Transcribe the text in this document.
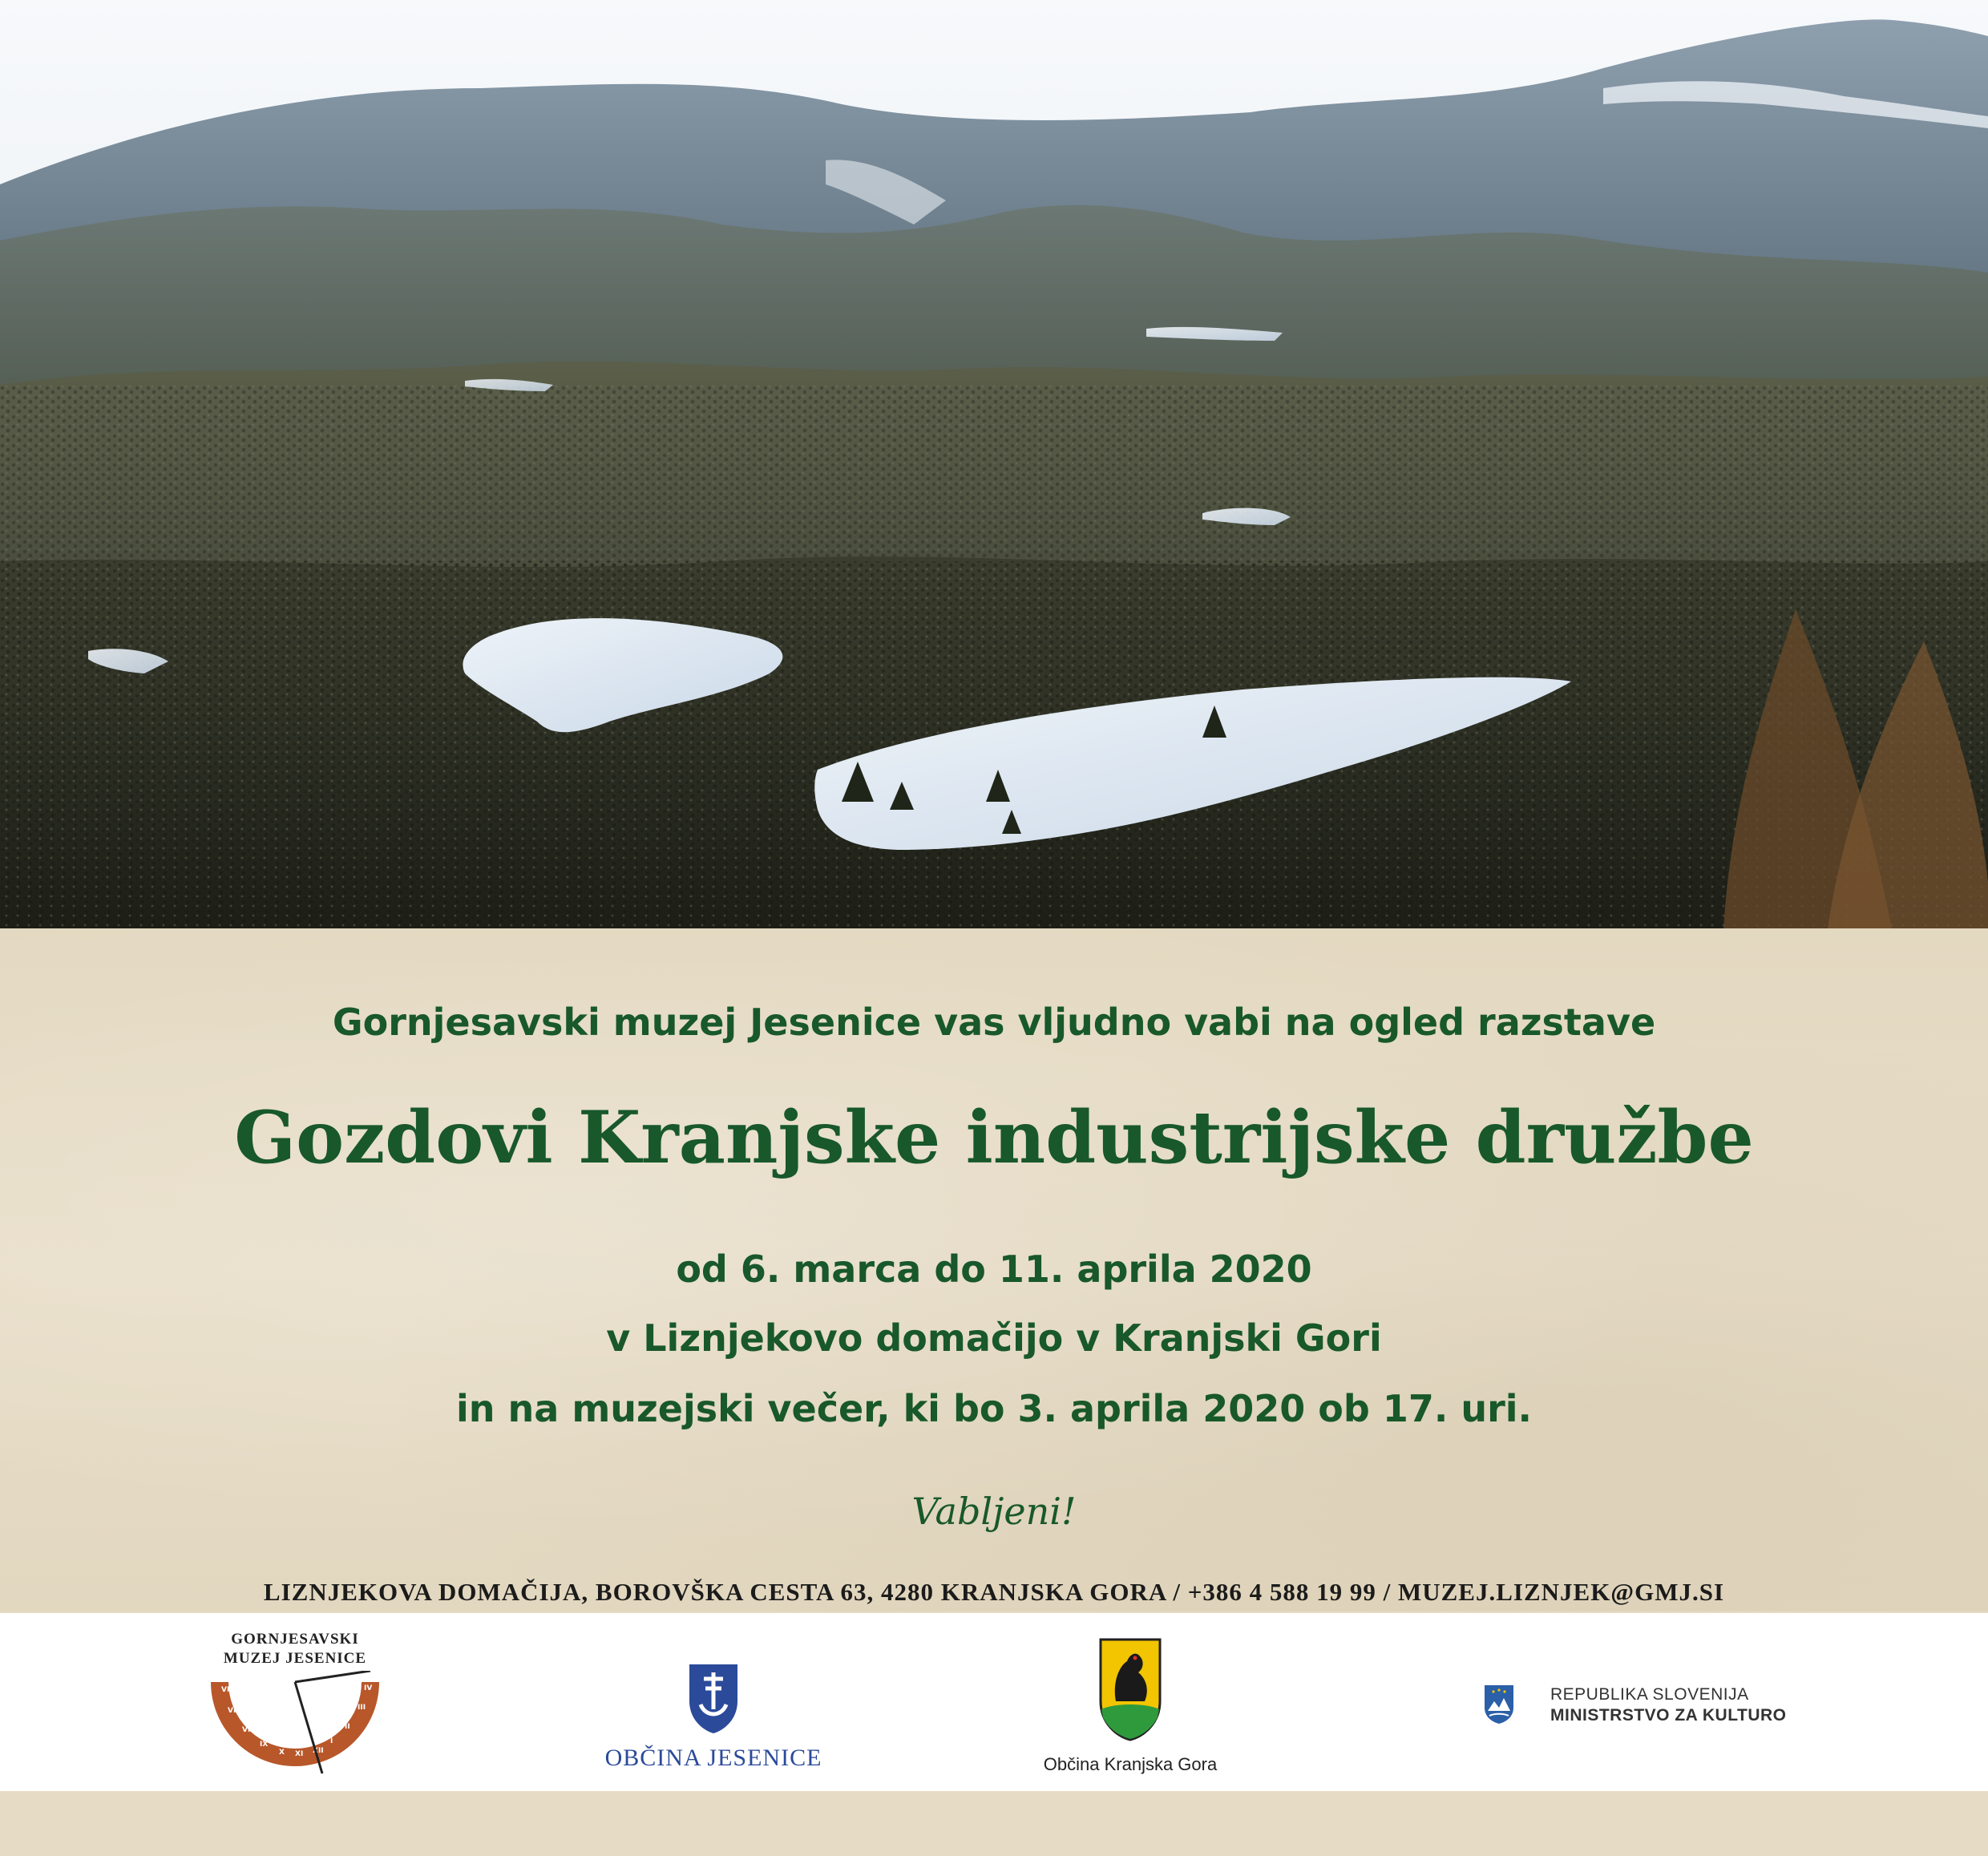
Gornjesavski muzej Jesenice vas vljudno vabi na ogled razstave
Gozdovi Kranjske industrijske družbe
od 6. marca do 11. aprila 2020
v Liznjekovo domačijo v Kranjski Gori
in na muzejski večer, ki bo 3. aprila 2020 ob 17. uri.
Vabljeni!
LIZNJEKOVA DOMAČIJA, BOROVŠKA CESTA 63, 4280 KRANJSKA GORA / +386 4 588 19 99 / MUZEJ.LIZNJEK@GMJ.SI
GORNJESAVSKI
MUZEJ JESENICE
VI
VII
VIII
IX
X XI XII
I
II
III
IV
OBČINA JESENICE	Občina Kranjska Gora
REPUBLIKA SLOVENIJA
MINISTRSTVO ZA KULTURO
